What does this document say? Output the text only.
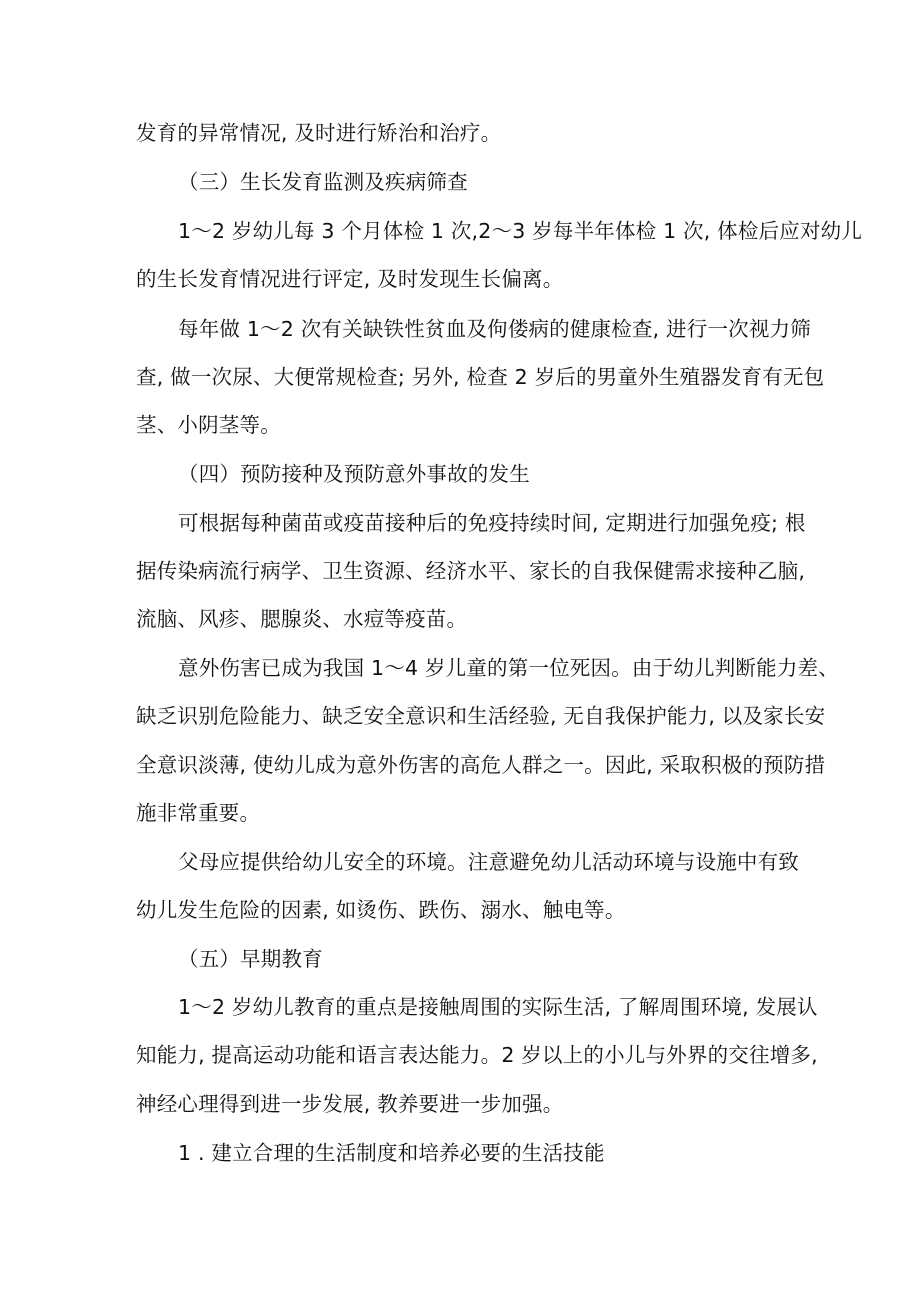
发育的异常情况, 及时进行矫治和治疗。
（三）生长发育监测及疾病筛查
1～2 岁幼儿每 3 个月体检 1 次,2～3 岁每半年体检 1 次, 体检后应对幼儿
的生长发育情况进行评定, 及时发现生长偏离。
每年做 1～2 次有关缺铁性贫血及佝偻病的健康检查, 进行一次视力筛
查, 做一次尿、大便常规检查; 另外, 检查 2 岁后的男童外生殖器发育有无包
茎、小阴茎等。
（四）预防接种及预防意外事故的发生
可根据每种菌苗或疫苗接种后的免疫持续时间, 定期进行加强免疫; 根
据传染病流行病学、卫生资源、经济水平、家长的自我保健需求接种乙脑,
流脑、风疹、腮腺炎、水痘等疫苗。
意外伤害已成为我国 1～4 岁儿童的第一位死因。由于幼儿判断能力差、
缺乏识别危险能力、缺乏安全意识和生活经验, 无自我保护能力, 以及家长安
全意识淡薄, 使幼儿成为意外伤害的高危人群之一。因此, 采取积极的预防措
施非常重要。
父母应提供给幼儿安全的环境。注意避免幼儿活动环境与设施中有致
幼儿发生危险的因素, 如烫伤、跌伤、溺水、触电等。
（五）早期教育
1～2 岁幼儿教育的重点是接触周围的实际生活, 了解周围环境, 发展认
知能力, 提高运动功能和语言表达能力。2 岁以上的小儿与外界的交往增多,
神经心理得到进一步发展, 教养要进一步加强。
1 . 建立合理的生活制度和培养必要的生活技能
